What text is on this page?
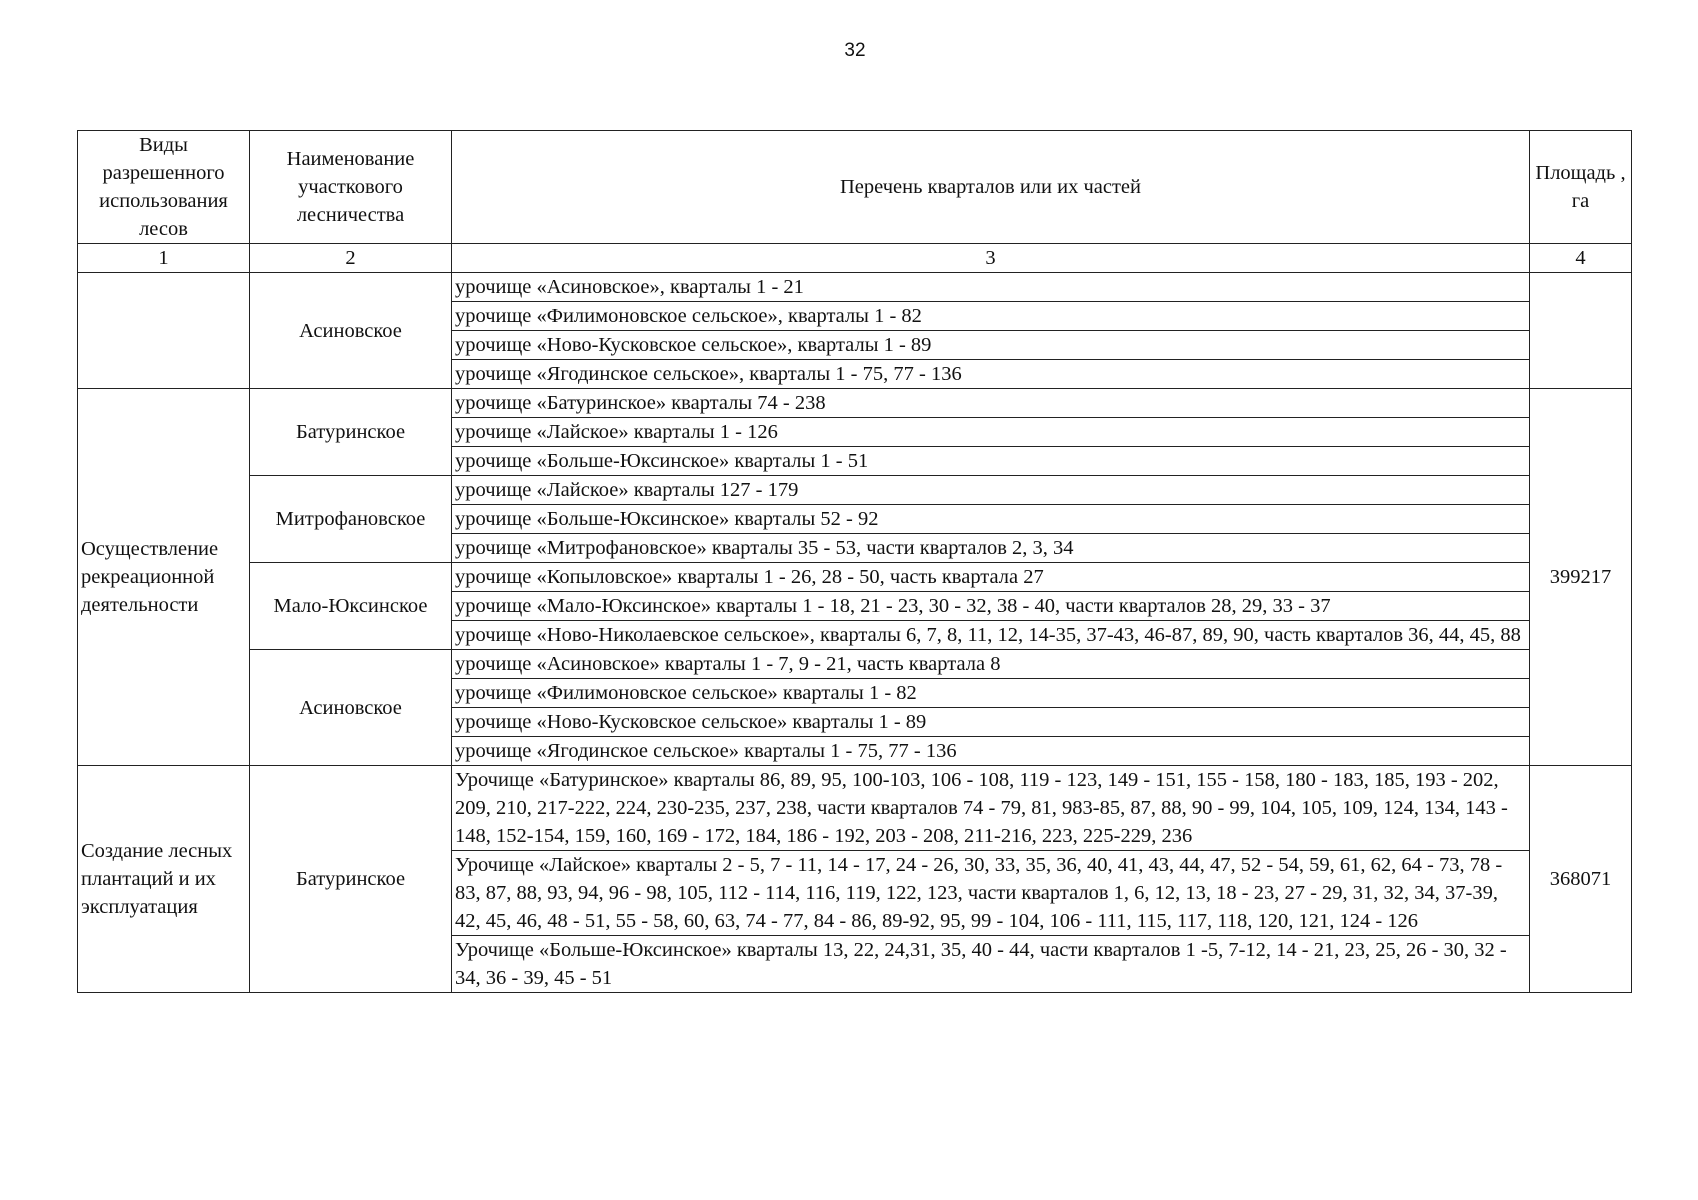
32
Виды разрешенного использования лесов	Наименование участкового лесничества	Перечень кварталов или их частей	Площадь , га
1	2	3	4
	Асиновское	урочище «Асиновское», кварталы 1 - 21	
		урочище «Филимоновское сельское», кварталы 1 - 82	
		урочище «Ново-Кусковское сельское», кварталы 1 - 89	
		урочище «Ягодинское сельское», кварталы 1 - 75, 77 - 136	
Осуществление рекреационной деятельности	Батуринское	урочище «Батуринское» кварталы 74 - 238	399217
		урочище «Лайское» кварталы 1 - 126	
		урочище «Больше-Юксинское» кварталы 1 - 51	
	Митрофановское	урочище «Лайское» кварталы 127 - 179	
		урочище «Больше-Юксинское» кварталы 52 - 92	
		урочище «Митрофановское» кварталы 35 - 53, части кварталов 2, 3, 34	
	Мало-Юксинское	урочище «Копыловское» кварталы 1 - 26, 28 - 50, часть квартала 27	
		урочище «Мало-Юксинское» кварталы 1 - 18, 21 - 23, 30 - 32, 38 - 40, части кварталов 28, 29, 33 - 37	
		урочище «Ново-Николаевское сельское», кварталы 6, 7, 8, 11, 12, 14-35, 37-43, 46-87, 89, 90, часть кварталов 36, 44, 45, 88	
	Асиновское	урочище «Асиновское» кварталы 1 - 7, 9 - 21, часть квартала 8	
		урочище «Филимоновское сельское» кварталы 1 - 82	
		урочище «Ново-Кусковское сельское» кварталы 1 - 89	
		урочище «Ягодинское сельское» кварталы 1 - 75, 77 - 136	
Создание лесных плантаций и их эксплуатация	Батуринское	Урочище «Батуринское» кварталы 86, 89, 95, 100-103, 106 - 108, 119 - 123, 149 - 151, 155 - 158, 180 - 183, 185, 193 - 202, 209, 210, 217-222, 224, 230-235, 237, 238, части кварталов 74 - 79, 81, 983-85, 87, 88, 90 - 99, 104, 105, 109, 124, 134, 143 - 148, 152-154, 159, 160, 169 - 172, 184, 186 - 192, 203 - 208, 211-216, 223, 225-229, 236	368071
		Урочище «Лайское» кварталы 2 - 5, 7 - 11, 14 - 17, 24 - 26, 30, 33, 35, 36, 40, 41, 43, 44, 47, 52 - 54, 59, 61, 62, 64 - 73, 78 - 83, 87, 88, 93, 94, 96 - 98, 105, 112 - 114, 116, 119, 122, 123, части кварталов 1, 6, 12, 13, 18 - 23, 27 - 29, 31, 32, 34, 37-39, 42, 45, 46, 48 - 51, 55 - 58, 60, 63, 74 - 77, 84 - 86, 89-92, 95, 99 - 104, 106 - 111, 115, 117, 118, 120, 121, 124 - 126	
		Урочище «Больше-Юксинское» кварталы 13, 22, 24,31, 35, 40 - 44, части кварталов 1 -5, 7-12, 14 - 21, 23, 25, 26 - 30, 32 - 34, 36 - 39, 45 - 51	
